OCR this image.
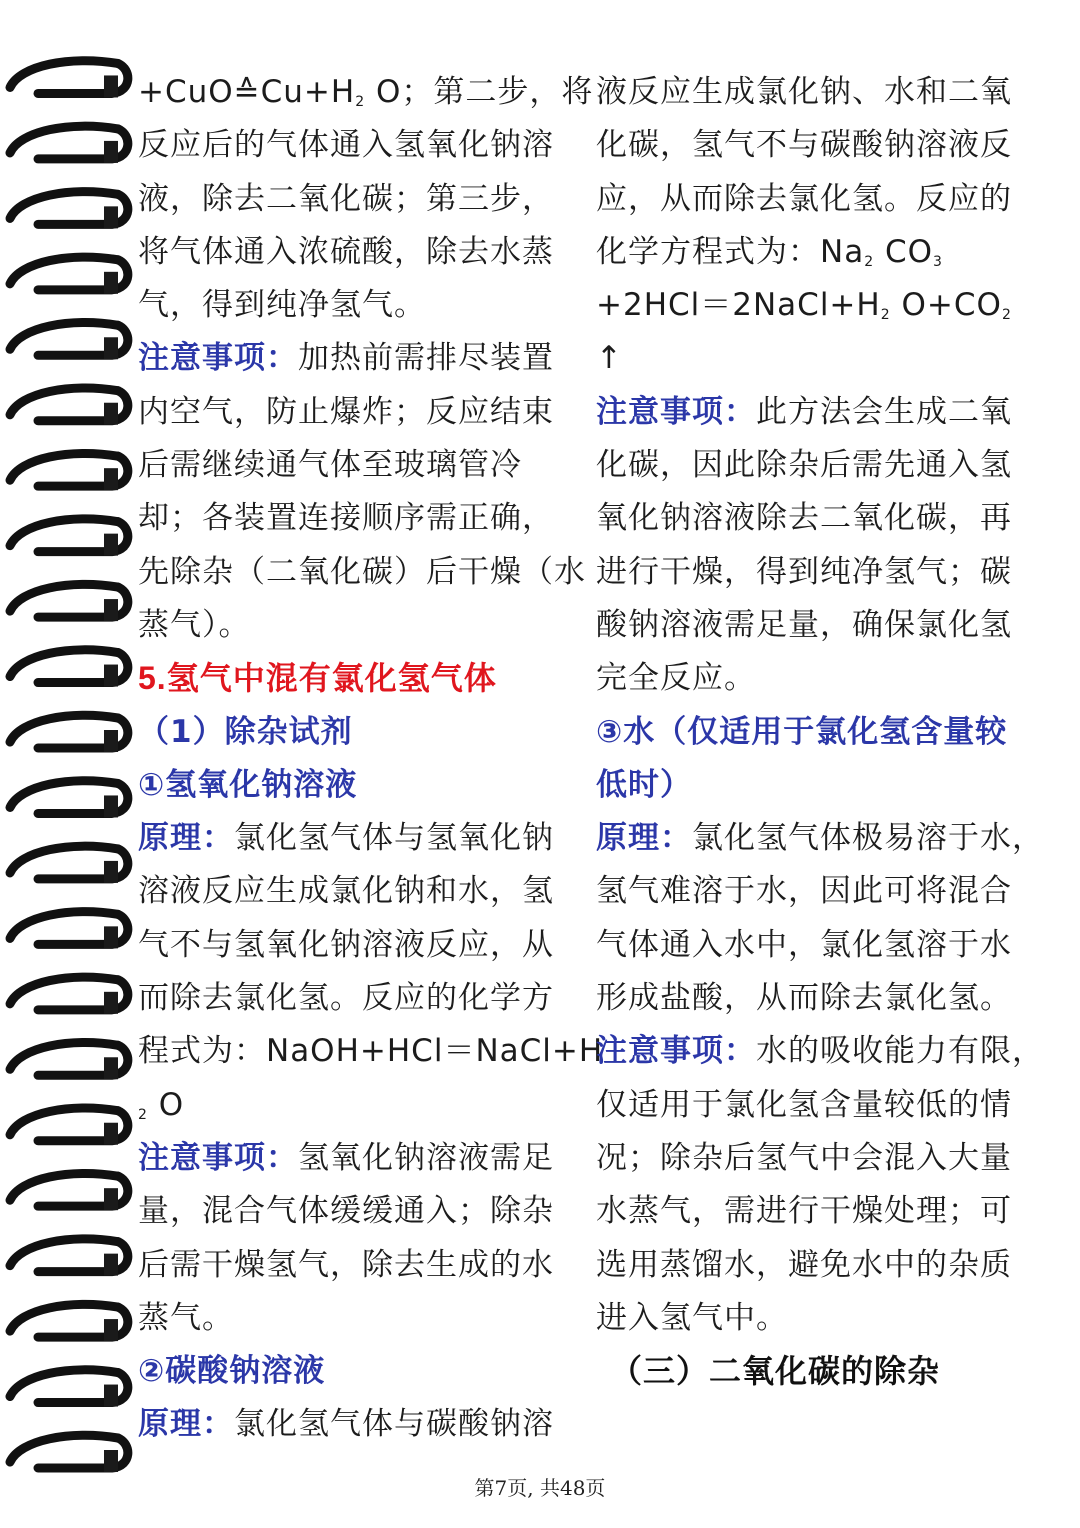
$+CuO≙Cu+H_2$ O；第二步，将
反应后的气体通入氢氧化钠溶
液，除去二氧化碳；第三步，
将气体通入浓硫酸，除去水蒸
气，得到纯净氢气。
注意事项：加热前需排尽装置
内空气，防止爆炸；反应结束
后需继续通气体至玻璃管冷
却；各装置连接顺序需正确，
先除杂（二氧化碳）后干燥（水
蒸气）。
5.氢气中混有氯化氢气体
（1）除杂试剂
①氢氧化钠溶液
原理：氯化氢气体与氢氧化钠
溶液反应生成氯化钠和水，氢
气不与氢氧化钠溶液反应，从
而除去氯化氢。反应的化学方
程式为：NaOH+HCl＝NaCl+H
$_2$ O
注意事项：氢氧化钠溶液需足
量，混合气体缓缓通入；除杂
后需干燥氢气，除去生成的水
蒸气。
②碳酸钠溶液
原理：氯化氢气体与碳酸钠溶
液反应生成氯化钠、水和二氧
化碳，氢气不与碳酸钠溶液反
应，从而除去氯化氢。反应的
化学方程式为：$Na_2$ $CO_3$
$+2HCl=2NaCl+H_2$ $O+CO_2$
↑
注意事项：此方法会生成二氧
化碳，因此除杂后需先通入氢
氧化钠溶液除去二氧化碳，再
进行干燥，得到纯净氢气；碳
酸钠溶液需足量，确保氯化氢
完全反应。
③水（仅适用于氯化氢含量较
低时）
原理：氯化氢气体极易溶于水，
氢气难溶于水，因此可将混合
气体通入水中，氯化氢溶于水
形成盐酸，从而除去氯化氢。
注意事项：水的吸收能力有限，
仅适用于氯化氢含量较低的情
况；除杂后氢气中会混入大量
水蒸气，需进行干燥处理；可
选用蒸馏水，避免水中的杂质
进入氢气中。
（三）二氧化碳的除杂
第7页, 共48页
